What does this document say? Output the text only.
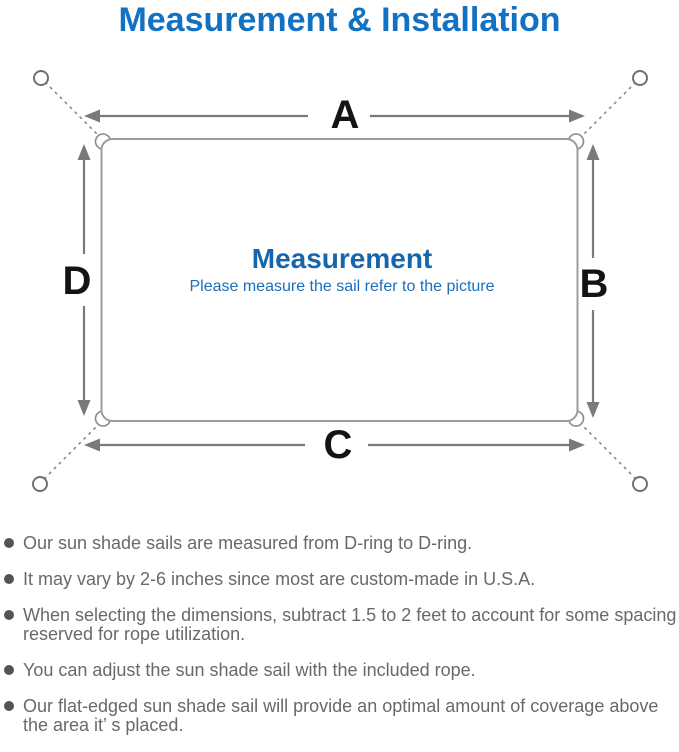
Measurement & Installation
A
B
C
D
Measurement
Please measure the sail refer to the picture
Our sun shade sails are measured from D-ring to D-ring.
It may vary by 2-6 inches since most are custom-made in U.S.A.
When selecting the dimensions, subtract 1.5 to 2 feet to account for some spacing reserved for rope utilization.
You can adjust the sun shade sail with the included rope.
Our flat-edged sun shade sail will provide an optimal amount of coverage above the area it’ s placed.
